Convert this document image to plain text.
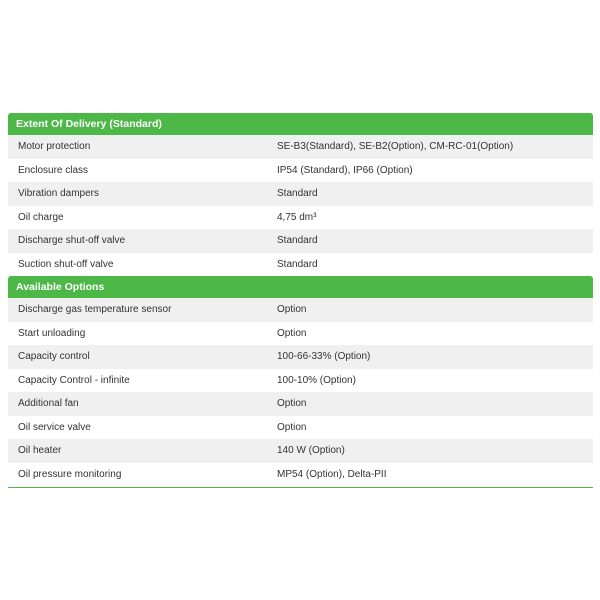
Extent Of Delivery (Standard)
Motor protection	SE-B3(Standard), SE-B2(Option), CM-RC-01(Option)
Enclosure class	IP54 (Standard), IP66 (Option)
Vibration dampers	Standard
Oil charge	4,75 dm³
Discharge shut-off valve	Standard
Suction shut-off valve	Standard
Available Options
Discharge gas temperature sensor	Option
Start unloading	Option
Capacity control	100-66-33% (Option)
Capacity Control - infinite	100-10% (Option)
Additional fan	Option
Oil service valve	Option
Oil heater	140 W (Option)
Oil pressure monitoring	MP54 (Option), Delta-PII
